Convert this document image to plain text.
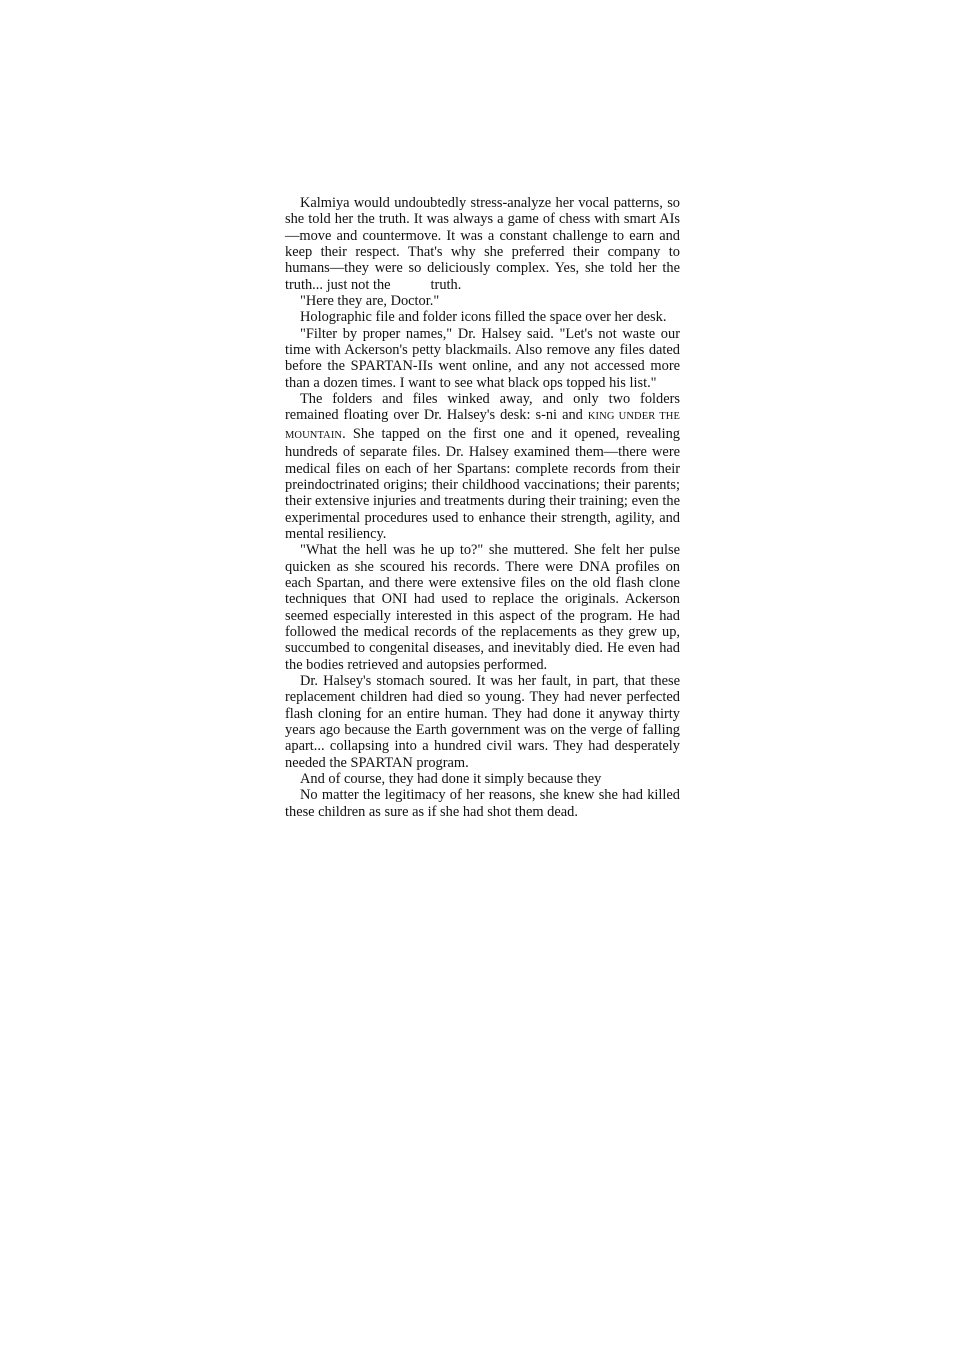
Kalmiya would undoubtedly stress-analyze her vocal patterns, so she told her the truth. It was always a game of chess with smart AIs—move and countermove. It was a constant challenge to earn and keep their respect. That's why she preferred their company to humans—they were so deliciously complex. Yes, she told her the truth... just not the	truth.

"Here they are, Doctor."

Holographic file and folder icons filled the space over her desk.

"Filter by proper names," Dr. Halsey said. "Let's not waste our time with Ackerson's petty blackmails. Also remove any files dated before the SPARTAN-IIs went online, and any not accessed more than a dozen times. I want to see what black ops topped his list."

The folders and files winked away, and only two folders remained floating over Dr. Halsey's desk: s-ni and KING UNDER THE MOUNTAIN. She tapped on the first one and it opened, revealing hundreds of separate files. Dr. Halsey examined them—there were medical files on each of her Spartans: complete records from their preindoctrinated origins; their childhood vaccinations; their parents; their extensive injuries and treatments during their training; even the experimental procedures used to enhance their strength, agility, and mental resiliency.

"What the hell was he up to?" she muttered. She felt her pulse quicken as she scoured his records. There were DNA profiles on each Spartan, and there were extensive files on the old flash clone techniques that ONI had used to replace the originals. Ackerson seemed especially interested in this aspect of the program. He had followed the medical records of the replacements as they grew up, succumbed to congenital diseases, and inevitably died. He even had the bodies retrieved and autopsies performed.

Dr. Halsey's stomach soured. It was her fault, in part, that these replacement children had died so young. They had never perfected flash cloning for an entire human. They had done it anyway thirty years ago because the Earth government was on the verge of falling apart... collapsing into a hundred civil wars. They had desperately needed the SPARTAN program.

And of course, they had done it simply because they

No matter the legitimacy of her reasons, she knew she had killed these children as sure as if she had shot them dead.
